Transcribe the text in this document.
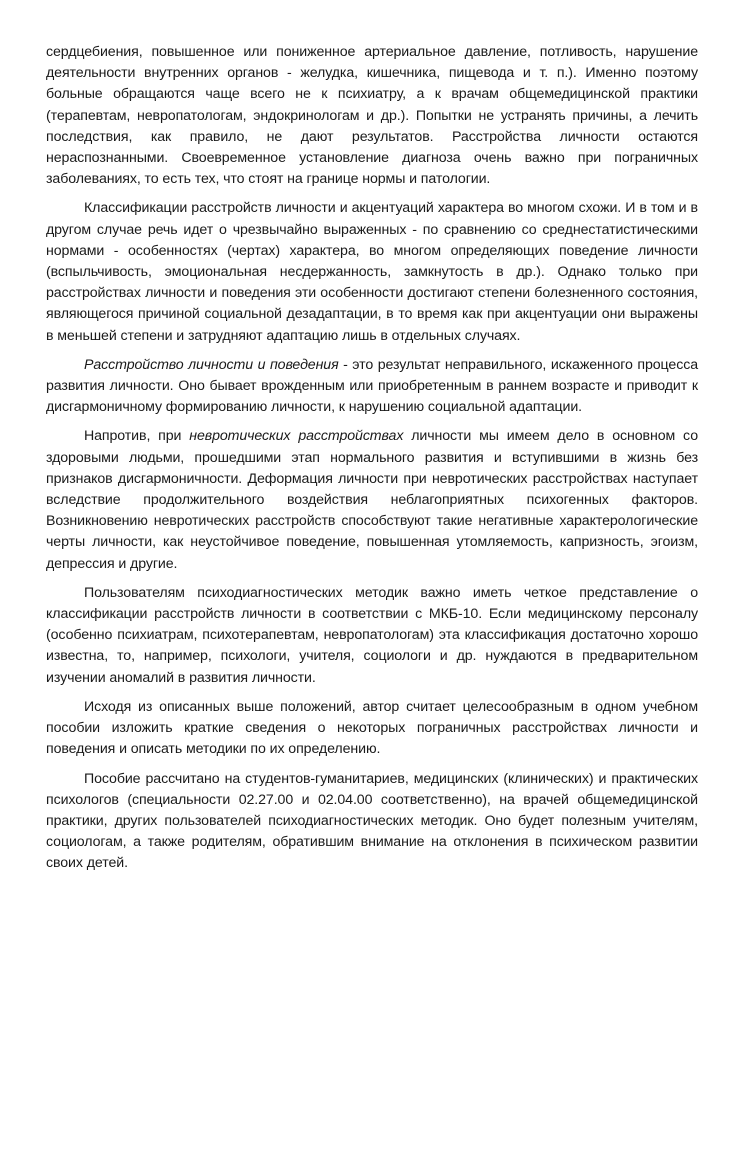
сердцебиения, повышенное или пониженное артериальное давление, потливость, нарушение деятельности внутренних органов - желудка, кишечника, пищевода и т. п.). Именно поэтому больные обращаются чаще всего не к психиатру, а к врачам общемедицинской практики (терапевтам, невропатологам, эндокринологам и др.). Попытки не устранять причины, а лечить последствия, как правило, не дают результатов. Расстройства личности остаются нераспознанными. Своевременное установление диагноза очень важно при пограничных заболеваниях, то есть тех, что стоят на границе нормы и патологии.

Классификации расстройств личности и акцентуаций характера во многом схожи. И в том и в другом случае речь идет о чрезвычайно выраженных - по сравнению со среднестатистическими нормами - особенностях (чертах) характера, во многом определяющих поведение личности (вспыльчивость, эмоциональная несдержанность, замкнутость в др.). Однако только при расстройствах личности и поведения эти особенности достигают степени болезненного состояния, являющегося причиной социальной дезадаптации, в то время как при акцентуации они выражены в меньшей степени и затрудняют адаптацию лишь в отдельных случаях.

Расстройство личности и поведения - это результат неправильного, искаженного процесса развития личности. Оно бывает врожденным или приобретенным в раннем возрасте и приводит к дисгармоничному формированию личности, к нарушению социальной адаптации.

Напротив, при невротических расстройствах личности мы имеем дело в основном со здоровыми людьми, прошедшими этап нормального развития и вступившими в жизнь без признаков дисгармоничности. Деформация личности при невротических расстройствах наступает вследствие продолжительного воздействия неблагоприятных психогенных факторов. Возникновению невротических расстройств способствуют такие негативные характерологические черты личности, как неустойчивое поведение, повышенная утомляемость, капризность, эгоизм, депрессия и другие.

Пользователям психодиагностических методик важно иметь четкое представление о классификации расстройств личности в соответствии с МКБ-10. Если медицинскому персоналу (особенно психиатрам, психотерапевтам, невропатологам) эта классификация достаточно хорошо известна, то, например, психологи, учителя, социологи и др. нуждаются в предварительном изучении аномалий в развития личности.

Исходя из описанных выше положений, автор считает целесообразным в одном учебном пособии изложить краткие сведения о некоторых пограничных расстройствах личности и поведения и описать методики по их определению.

Пособие рассчитано на студентов-гуманитариев, медицинских (клинических) и практических психологов (специальности 02.27.00 и 02.04.00 соответственно), на врачей общемедицинской практики, других пользователей психодиагностических методик. Оно будет полезным учителям, социологам, а также родителям, обратившим внимание на отклонения в психическом развитии своих детей.
